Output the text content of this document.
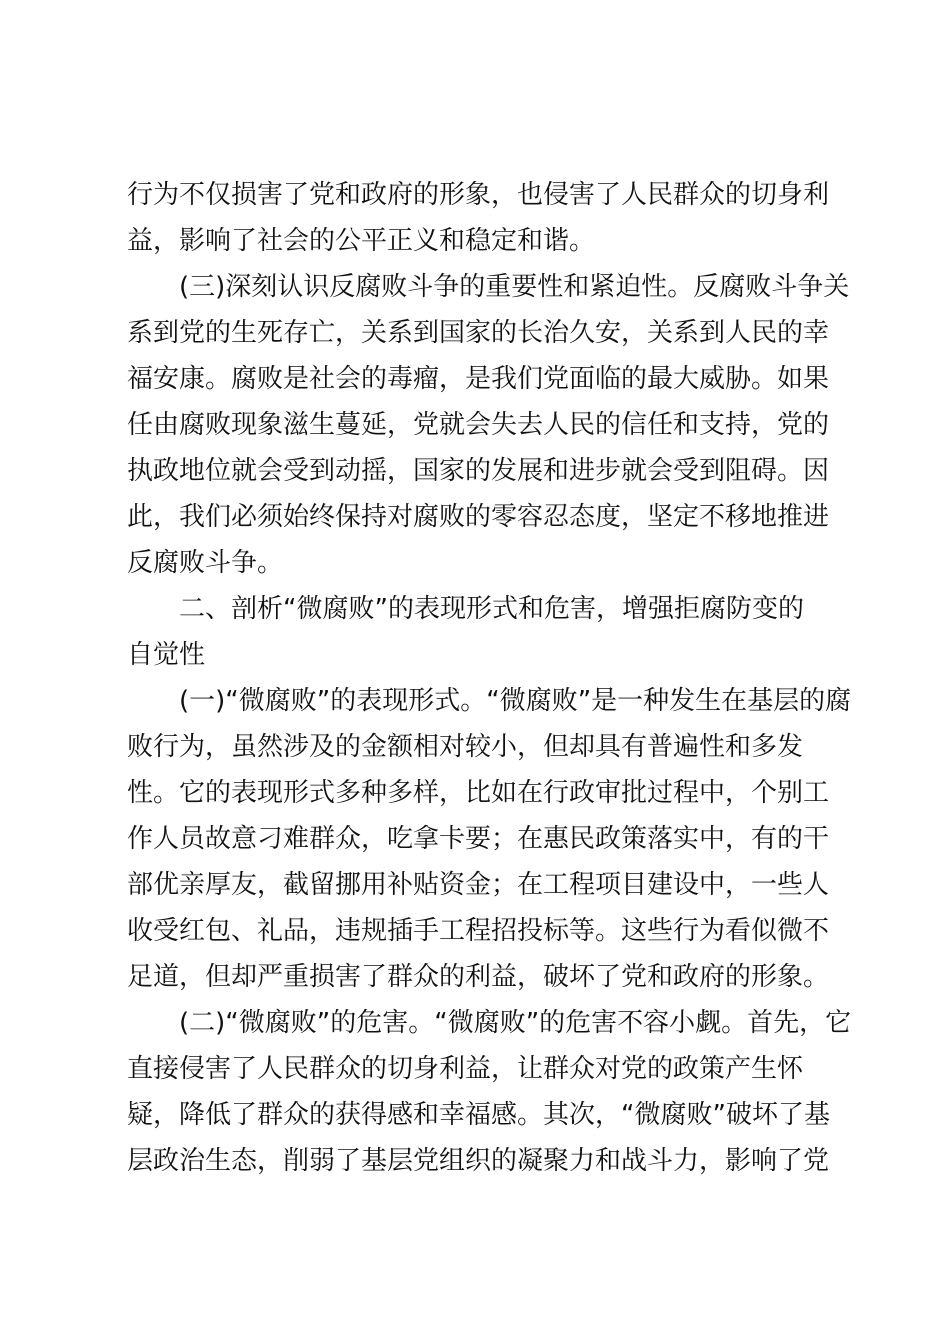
行为不仅损害了党和政府的形象，也侵害了人民群众的切身利
益，影响了社会的公平正义和稳定和谐。
(三)深刻认识反腐败斗争的重要性和紧迫性。反腐败斗争关
系到党的生死存亡，关系到国家的长治久安，关系到人民的幸
福安康。腐败是社会的毒瘤，是我们党面临的最大威胁。如果
任由腐败现象滋生蔓延，党就会失去人民的信任和支持，党的
执政地位就会受到动摇，国家的发展和进步就会受到阻碍。因
此，我们必须始终保持对腐败的零容忍态度，坚定不移地推进
反腐败斗争。
二、剖析“微腐败”的表现形式和危害，增强拒腐防变的
自觉性
(一)“微腐败”的表现形式。“微腐败”是一种发生在基层的腐
败行为，虽然涉及的金额相对较小，但却具有普遍性和多发
性。它的表现形式多种多样，比如在行政审批过程中，个别工
作人员故意刁难群众，吃拿卡要；在惠民政策落实中，有的干
部优亲厚友，截留挪用补贴资金；在工程项目建设中，一些人
收受红包、礼品，违规插手工程招投标等。这些行为看似微不
足道，但却严重损害了群众的利益，破坏了党和政府的形象。
(二)“微腐败”的危害。“微腐败”的危害不容小觑。首先，它
直接侵害了人民群众的切身利益，让群众对党的政策产生怀
疑，降低了群众的获得感和幸福感。其次，“微腐败”破坏了基
层政治生态，削弱了基层党组织的凝聚力和战斗力，影响了党
